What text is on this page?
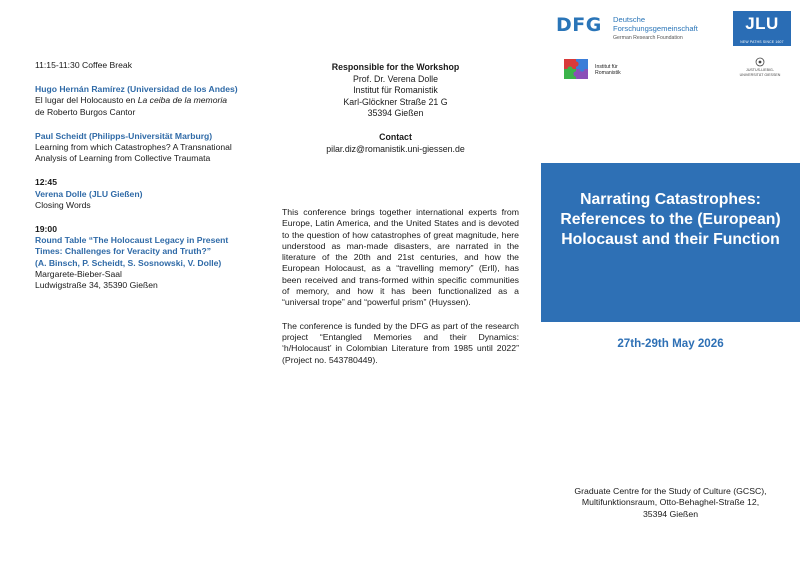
11:15-11:30 Coffee Break
Hugo Hernán Ramírez (Universidad de los Andes)
El lugar del Holocausto en La ceiba de la memoria
de Roberto Burgos Cantor
Paul Scheidt (Philipps-Universität Marburg)
Learning from which Catastrophes? A Transnational
Analysis of Learning from Collective Traumata
12:45
Verena Dolle (JLU Gießen)
Closing Words
19:00
Round Table “The Holocaust Legacy in Present
Times: Challenges for Veracity and Truth?”
(A. Binsch, P. Scheidt, S. Sosnowski, V. Dolle)
Margarete-Bieber-Saal
Ludwigstraße 34, 35390 Gießen
Responsible for the Workshop
Prof. Dr. Verena Dolle
Institut für Romanistik
Karl-Glöckner Straße 21 G
35394 Gießen
Contact
pilar.diz@romanistik.uni-giessen.de

This conference brings together international experts from Europe, Latin America, and the United States and is devoted to the question of how catastrophes of great magnitude, here understood as man-made disasters, are narrated in the literature of the 20th and 21st centuries, and how the European Holocaust, as a “travelling memory” (Erll), has been received and trans-formed within specific communities of memory, and how it has been functionalized as a “universal trope” and “powerful prism” (Huyssen).

The conference is funded by the DFG as part of the research project “Entangled Memories and their Dynamics: ‘h/Holocaust’ in Colombian Literature from 1985 until 2022” (Project no. 543780449).

DFG Deutsche
Forschungsgemeinschaft
German Research Foundation
JLU
NEW PATHS SINCE 1607
Institut für
Romanistik	JUSTUS-LIEBIG-UNIVERSITÄT GIESSEN
Narrating Catastrophes: References to the (European) Holocaust and their Function
27th-29th May 2026
Graduate Centre for the Study of Culture (GCSC),
Multifunktionsraum, Otto-Behaghel-Straße 12,
35394 Gießen
